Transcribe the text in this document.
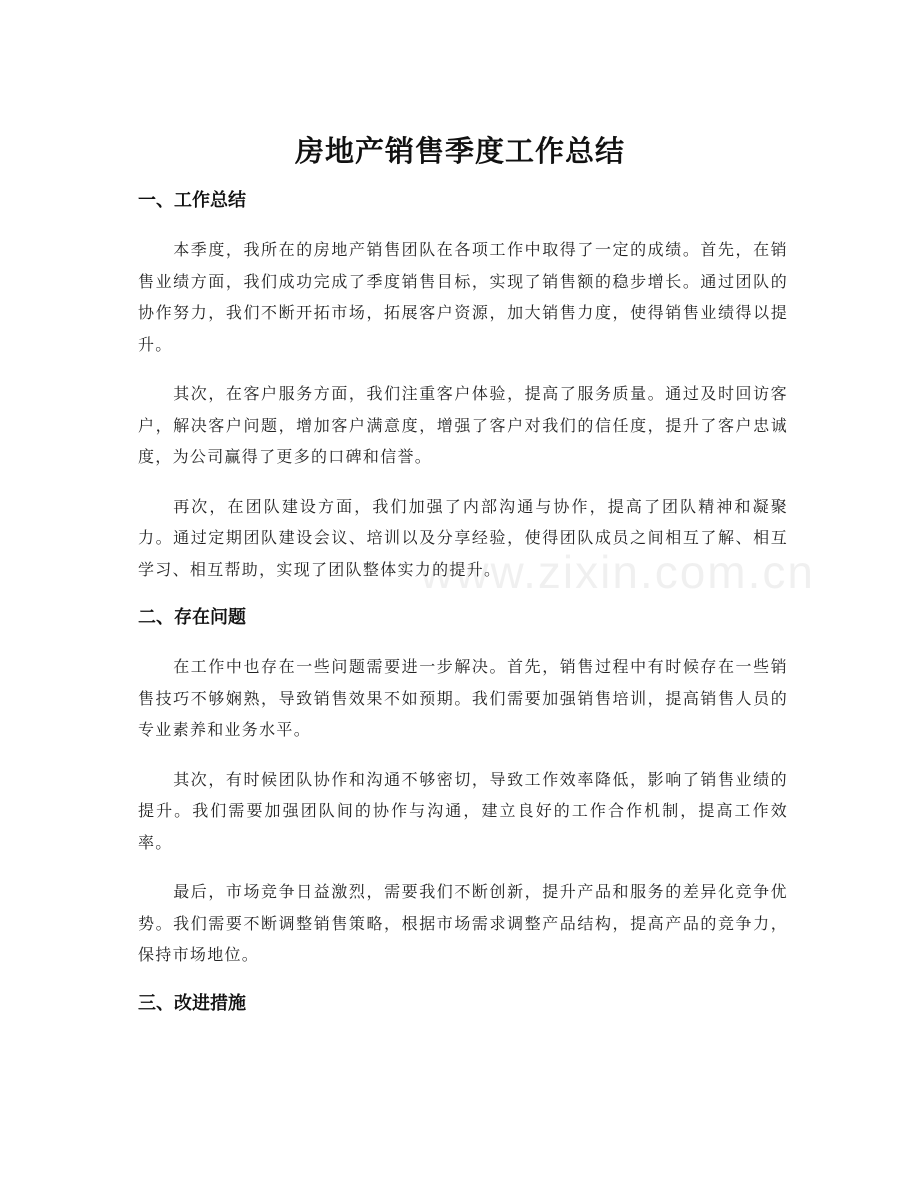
www.zixin.com.cn
房地产销售季度工作总结
一、工作总结

本季度，我所在的房地产销售团队在各项工作中取得了一定的成绩。首先，在销售业绩方面，我们成功完成了季度销售目标，实现了销售额的稳步增长。通过团队的协作努力，我们不断开拓市场，拓展客户资源，加大销售力度，使得销售业绩得以提升。

其次，在客户服务方面，我们注重客户体验，提高了服务质量。通过及时回访客户，解决客户问题，增加客户满意度，增强了客户对我们的信任度，提升了客户忠诚度，为公司赢得了更多的口碑和信誉。

再次，在团队建设方面，我们加强了内部沟通与协作，提高了团队精神和凝聚力。通过定期团队建设会议、培训以及分享经验，使得团队成员之间相互了解、相互学习、相互帮助，实现了团队整体实力的提升。

二、存在问题

在工作中也存在一些问题需要进一步解决。首先，销售过程中有时候存在一些销售技巧不够娴熟，导致销售效果不如预期。我们需要加强销售培训，提高销售人员的专业素养和业务水平。

其次，有时候团队协作和沟通不够密切，导致工作效率降低，影响了销售业绩的提升。我们需要加强团队间的协作与沟通，建立良好的工作合作机制，提高工作效率。

最后，市场竞争日益激烈，需要我们不断创新，提升产品和服务的差异化竞争优势。我们需要不断调整销售策略，根据市场需求调整产品结构，提高产品的竞争力，保持市场地位。

三、改进措施
